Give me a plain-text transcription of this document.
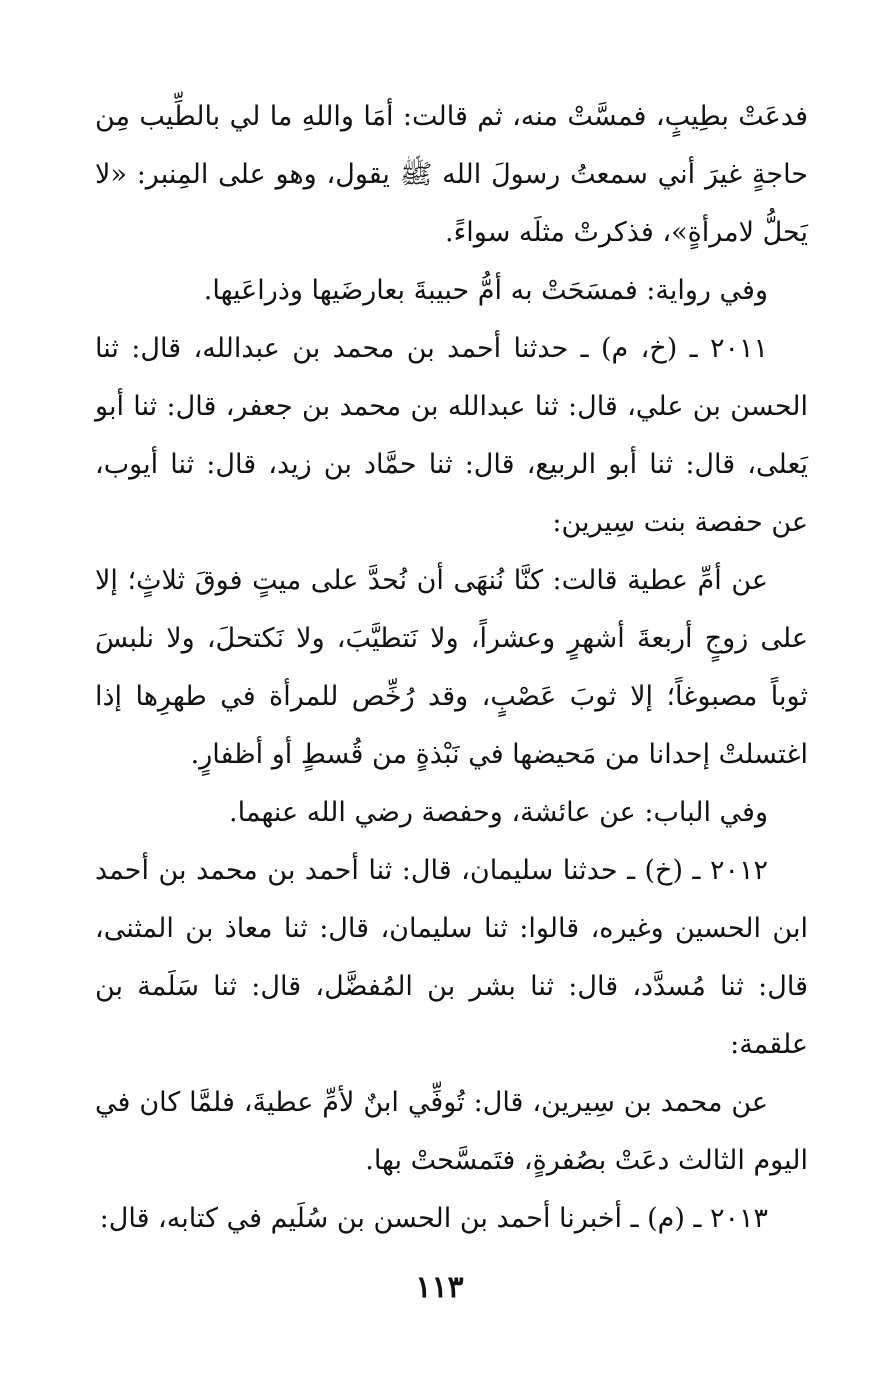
فدعَتْ بطِيبٍ، فمسَّتْ منه، ثم قالت: أمَا واللهِ ما لي بالطِّيب مِن حاجةٍ غيرَ أني سمعتُ رسولَ الله ﷺ يقول، وهو على المِنبر: «لا يَحلُّ لامرأةٍ»، فذكرتْ مثلَه سواءً.

وفي رواية: فمسَحَتْ به أمُّ حبيبةَ بعارضَيها وذراعَيها.

٢٠١١ ـ (خ، م) ـ حدثنا أحمد بن محمد بن عبدالله، قال: ثنا الحسن بن علي، قال: ثنا عبدالله بن محمد بن جعفر، قال: ثنا أبو يَعلى، قال: ثنا أبو الربيع، قال: ثنا حمَّاد بن زيد، قال: ثنا أيوب، عن حفصة بنت سِيرين:

عن أمِّ عطية قالت: كنَّا نُنهَى أن نُحدَّ على ميتٍ فوقَ ثلاثٍ؛ إلا على زوجٍ أربعةَ أشهرٍ وعشراً، ولا نَتطيَّبَ، ولا نَكتحلَ، ولا نلبسَ ثوباً مصبوغاً؛ إلا ثوبَ عَصْبٍ، وقد رُخِّص للمرأة في طهرِها إذا اغتسلتْ إحدانا من مَحيضها في نَبْذةٍ من قُسطٍ أو أظفارٍ.

وفي الباب: عن عائشة، وحفصة رضي الله عنهما.

٢٠١٢ ـ (خ) ـ حدثنا سليمان، قال: ثنا أحمد بن محمد بن أحمد ابن الحسين وغيره، قالوا: ثنا سليمان، قال: ثنا معاذ بن المثنى، قال: ثنا مُسدَّد، قال: ثنا بشر بن المُفضَّل، قال: ثنا سَلَمة بن علقمة:

عن محمد بن سِيرين، قال: تُوفِّي ابنٌ لأمِّ عطيةَ، فلمَّا كان في اليوم الثالث دعَتْ بصُفرةٍ، فتَمسَّحتْ بها.

٢٠١٣ ـ (م) ـ أخبرنا أحمد بن الحسن بن سُلَيم في كتابه، قال:

١١٣
